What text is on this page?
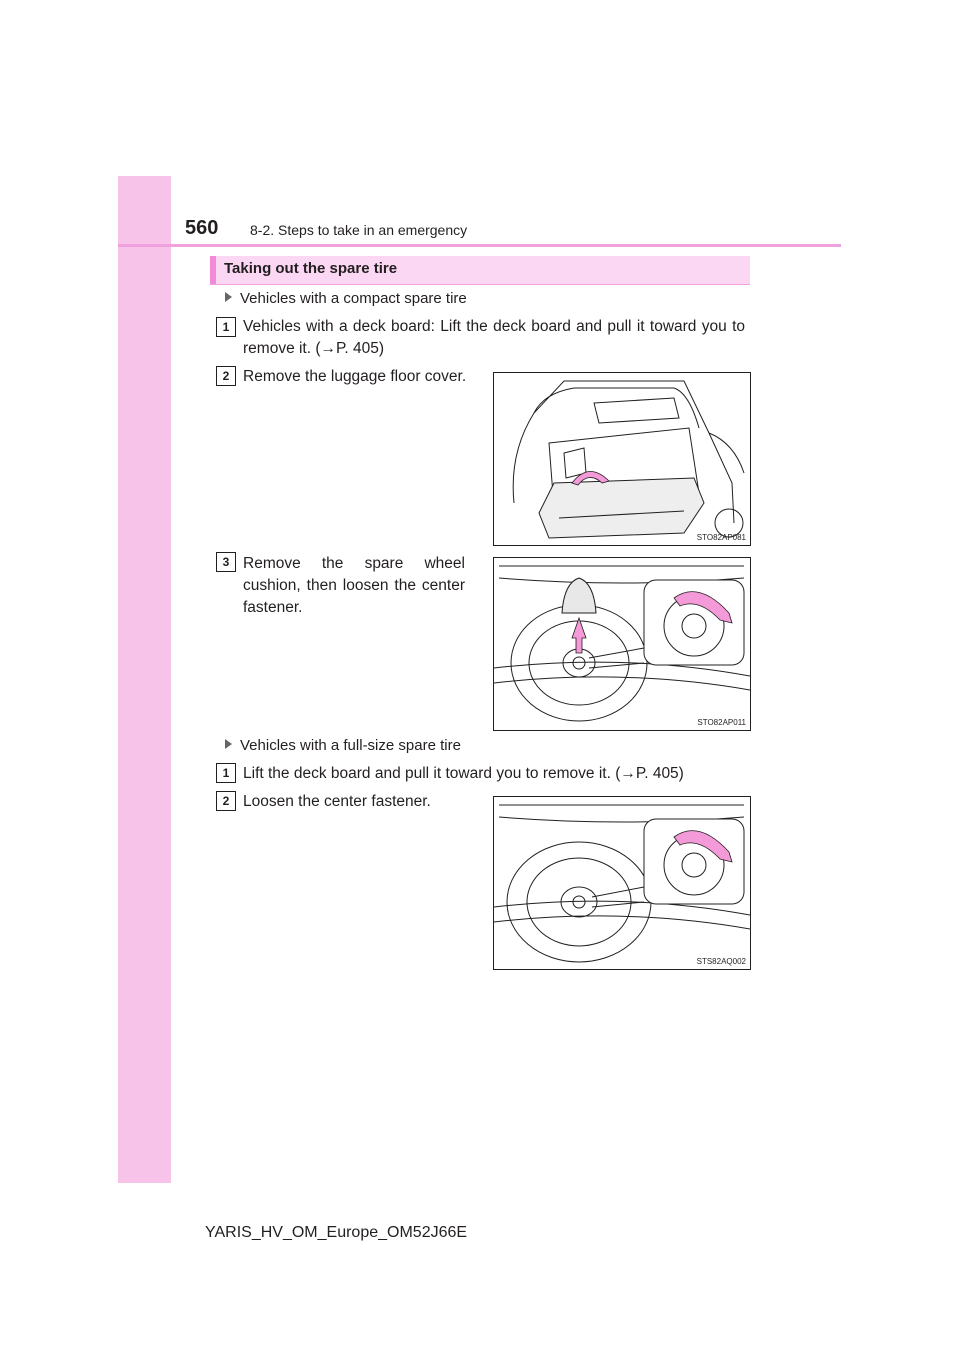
560 8-2. Steps to take in an emergency
Taking out the spare tire
Vehicles with a compact spare tire
1 Vehicles with a deck board: Lift the deck board and pull it toward you to remove it. (→P. 405)
2 Remove the luggage floor cover.
STO82AP081
3 Remove the spare wheel cushion, then loosen the center fastener.
STO82AP011
Vehicles with a full-size spare tire
1 Lift the deck board and pull it toward you to remove it. (→P. 405)
2 Loosen the center fastener.
STS82AQ002
YARIS_HV_OM_Europe_OM52J66E
